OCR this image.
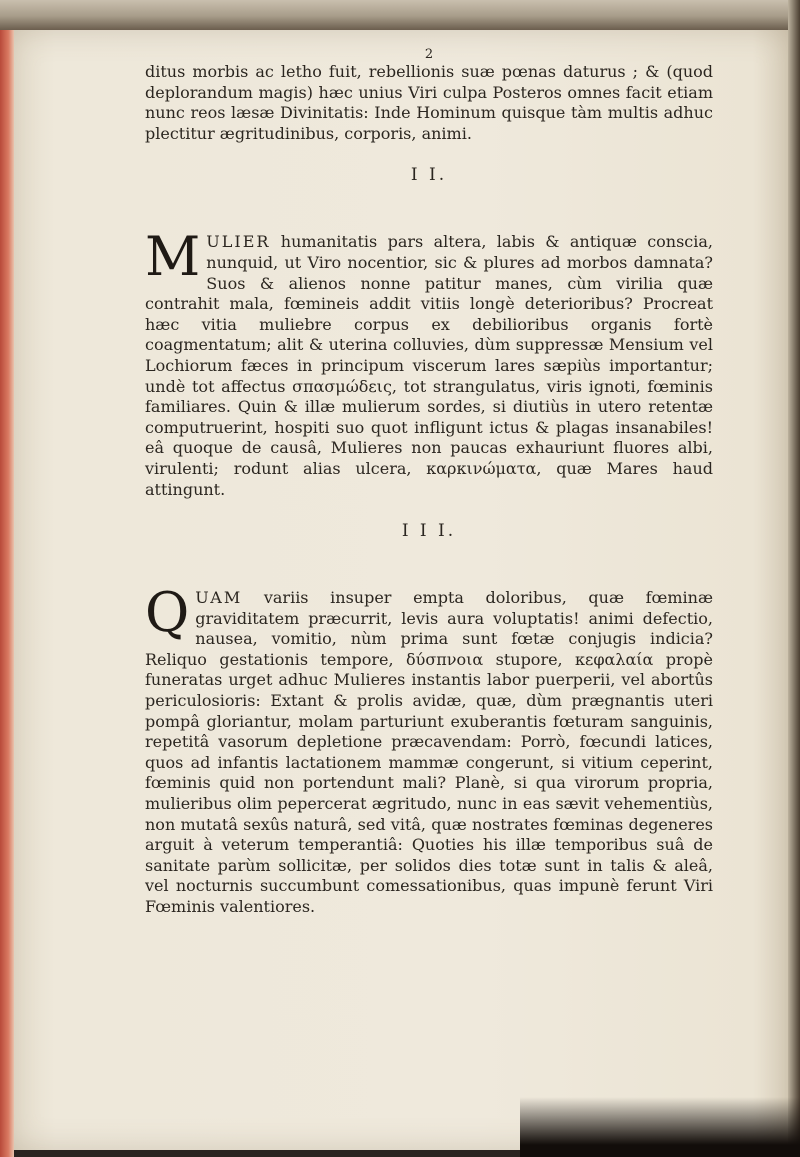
2

ditus morbis ac letho fuit, rebellionis suæ pœnas daturus ; & (quod deplorandum magis) hæc unius Viri culpa Posteros omnes facit etiam nunc reos læsæ Divinitatis: Inde Hominum quisque tàm multis adhuc plectitur ægritudinibus, corporis, animi.

I I.

MULIER humanitatis pars altera, labis & antiquæ conscia, nunquid, ut Viro nocentior, sic & plures ad morbos damnata? Suos & alienos nonne patitur manes, cùm virilia quæ contrahit mala, fœmineis addit vitiis longè deterioribus? Procreat hæc vitia muliebre corpus ex debilioribus organis fortè coagmentatum; alit & uterina colluvies, dùm suppressæ Mensium vel Lochiorum fæces in principum viscerum lares sæpiùs importantur; undè tot affectus σπασμώδεις, tot strangulatus, viris ignoti, fœminis familiares. Quin & illæ mulierum sordes, si diutiùs in utero retentæ computruerint, hospiti suo quot infligunt ictus & plagas insanabiles! eâ quoque de causâ, Mulieres non paucas exhauriunt fluores albi, virulenti; rodunt alias ulcera, καρκινώματα, quæ Mares haud attingunt.

I I I.

QUAM variis insuper empta doloribus, quæ fœminæ graviditatem præcurrit, levis aura voluptatis! animi defectio, nausea, vomitio, nùm prima sunt fœtæ conjugis indicia? Reliquo gestationis tempore, δύσπνοια stupore, κεφαλαία propè funeratas urget adhuc Mulieres instantis labor puerperii, vel abortûs periculosioris: Extant & prolis avidæ, quæ, dùm prægnantis uteri pompâ gloriantur, molam parturiunt exuberantis fœturam sanguinis, repetitâ vasorum depletione præcavendam: Porrò, fœcundi latices, quos ad infantis lactationem mammæ congerunt, si vitium ceperint, fœminis quid non portendunt mali? Planè, si qua virorum propria, mulieribus olim pepercerat ægritudo, nunc in eas sævit vehementiùs, non mutatâ sexûs naturâ, sed vitâ, quæ nostrates fœminas degeneres arguit à veterum temperantiâ: Quoties his illæ temporibus suâ de sanitate parùm sollicitæ, per solidos dies totæ sunt in talis & aleâ, vel nocturnis succumbunt comessationibus, quas impunè ferunt Viri Fœminis valentiores.
